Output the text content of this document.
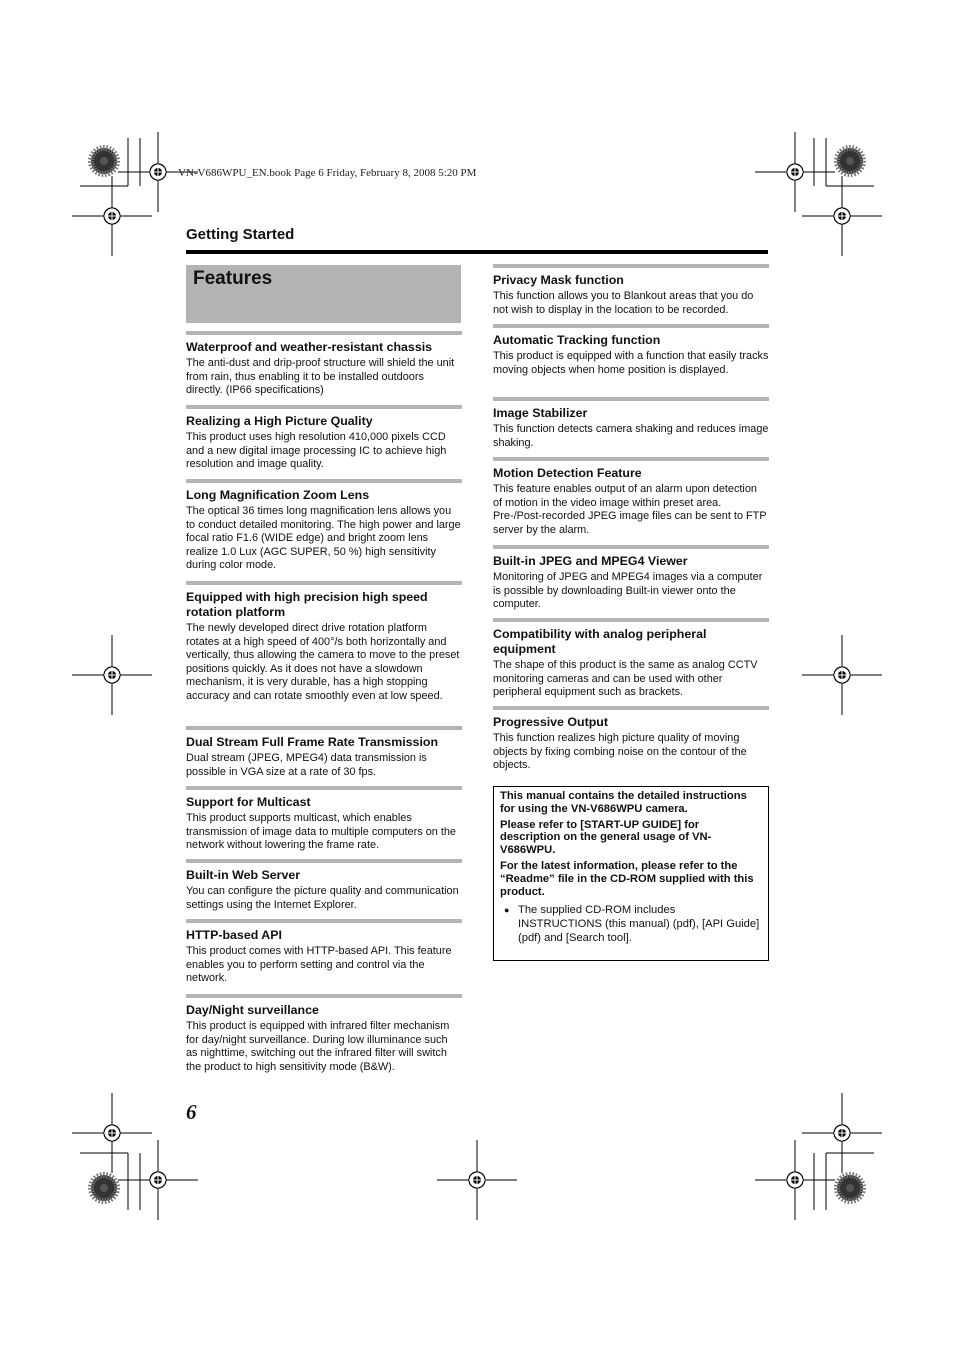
VN-V686WPU_EN.book Page 6 Friday, February 8, 2008 5:20 PM
Getting Started
Features
Waterproof and weather-resistant chassis

The anti-dust and drip-proof structure will shield the unit from rain, thus enabling it to be installed outdoors directly. (IP66 specifications)

Realizing a High Picture Quality

This product uses high resolution 410,000 pixels CCD and a new digital image processing IC to achieve high resolution and image quality.

Long Magnification Zoom Lens

The optical 36 times long magnification lens allows you to conduct detailed monitoring. The high power and large focal ratio F1.6 (WIDE edge) and bright zoom lens realize 1.0 Lux (AGC SUPER, 50 %) high sensitivity during color mode.

Equipped with high precision high speed rotation platform

The newly developed direct drive rotation platform rotates at a high speed of 400°/s both horizontally and vertically, thus allowing the camera to move to the preset positions quickly. As it does not have a slowdown mechanism, it is very durable, has a high stopping accuracy and can rotate smoothly even at low speed.

Dual Stream Full Frame Rate Transmission

Dual stream (JPEG, MPEG4) data transmission is possible in VGA size at a rate of 30 fps.

Support for Multicast

This product supports multicast, which enables transmission of image data to multiple computers on the network without lowering the frame rate.

Built-in Web Server

You can configure the picture quality and communication settings using the Internet Explorer.

HTTP-based API

This product comes with HTTP-based API. This feature enables you to perform setting and control via the network.

Day/Night surveillance

This product is equipped with infrared filter mechanism for day/night surveillance. During low illuminance such as nighttime, switching out the infrared filter will switch the product to high sensitivity mode (B&W).

Privacy Mask function

This function allows you to Blankout areas that you do not wish to display in the location to be recorded.

Automatic Tracking function

This product is equipped with a function that easily tracks moving objects when home position is displayed.

Image Stabilizer

This function detects camera shaking and reduces image shaking.

Motion Detection Feature

This feature enables output of an alarm upon detection of motion in the video image within preset area. Pre-/Post-recorded JPEG image files can be sent to FTP server by the alarm.

Built-in JPEG and MPEG4 Viewer

Monitoring of JPEG and MPEG4 images via a computer is possible by downloading Built-in viewer onto the computer.

Compatibility with analog peripheral equipment

The shape of this product is the same as analog CCTV monitoring cameras and can be used with other peripheral equipment such as brackets.

Progressive Output

This function realizes high picture quality of moving objects by fixing combing noise on the contour of the objects.

This manual contains the detailed instructions for using the VN-V686WPU camera.

Please refer to [START-UP GUIDE] for description on the general usage of VN-V686WPU.

For the latest information, please refer to the “Readme” file in the CD-ROM supplied with this product.

● The supplied CD-ROM includes INSTRUCTIONS (this manual) (pdf), [API Guide] (pdf) and [Search tool].
6
